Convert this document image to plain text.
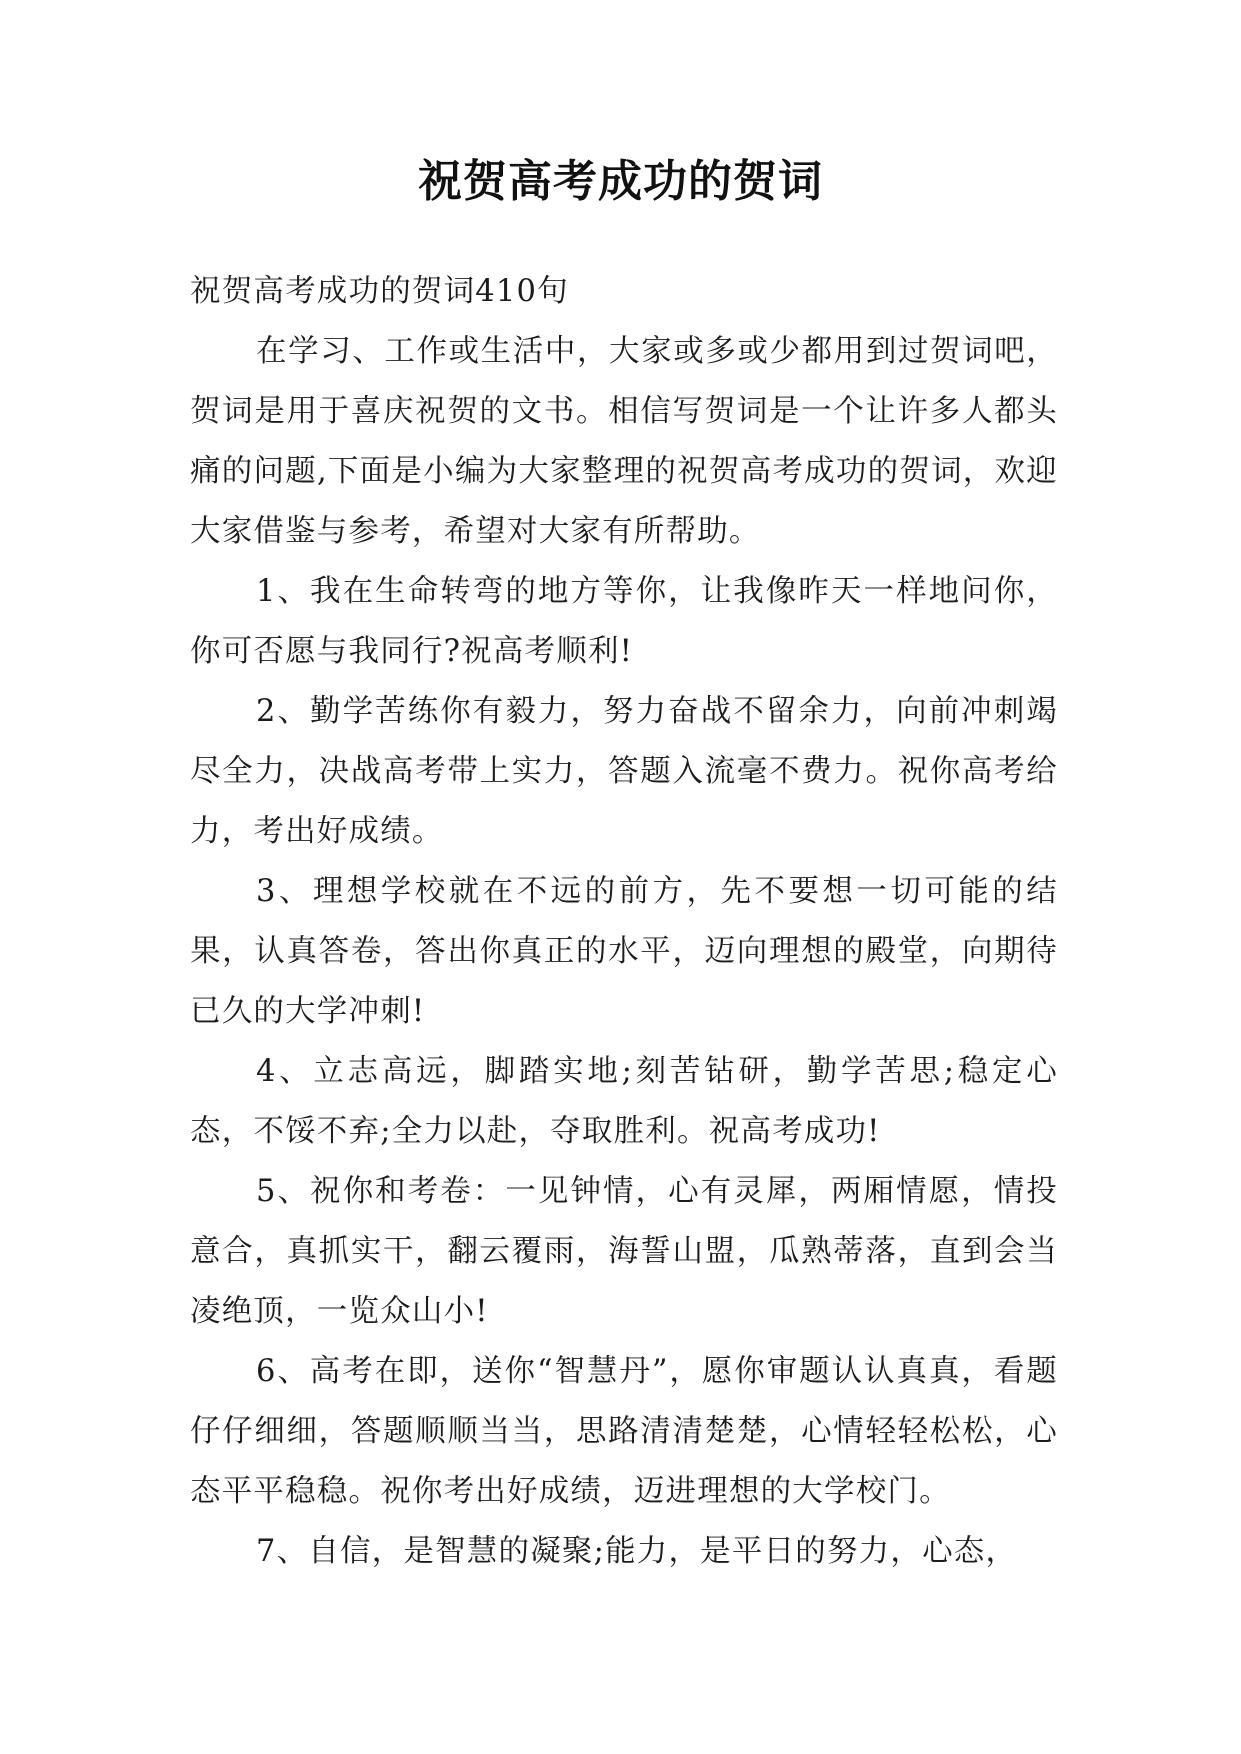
祝贺高考成功的贺词

祝贺高考成功的贺词410句

在学习、工作或生活中，大家或多或少都用到过贺词吧，贺词是用于喜庆祝贺的文书。相信写贺词是一个让许多人都头痛的问题,下面是小编为大家整理的祝贺高考成功的贺词，欢迎大家借鉴与参考，希望对大家有所帮助。

1、我在生命转弯的地方等你，让我像昨天一样地问你，你可否愿与我同行?祝高考顺利!

2、勤学苦练你有毅力，努力奋战不留余力，向前冲刺竭尽全力，决战高考带上实力，答题入流毫不费力。祝你高考给力，考出好成绩。

3、理想学校就在不远的前方，先不要想一切可能的结果，认真答卷，答出你真正的水平，迈向理想的殿堂，向期待已久的大学冲刺!

4、立志高远，脚踏实地;刻苦钻研，勤学苦思;稳定心态，不馁不弃;全力以赴，夺取胜利。祝高考成功!

5、祝你和考卷：一见钟情，心有灵犀，两厢情愿，情投意合，真抓实干，翻云覆雨，海誓山盟，瓜熟蒂落，直到会当凌绝顶，一览众山小!

6、高考在即，送你“智慧丹”，愿你审题认认真真，看题仔仔细细，答题顺顺当当，思路清清楚楚，心情轻轻松松，心态平平稳稳。祝你考出好成绩，迈进理想的大学校门。

7、自信，是智慧的凝聚;能力，是平日的努力，心态，
